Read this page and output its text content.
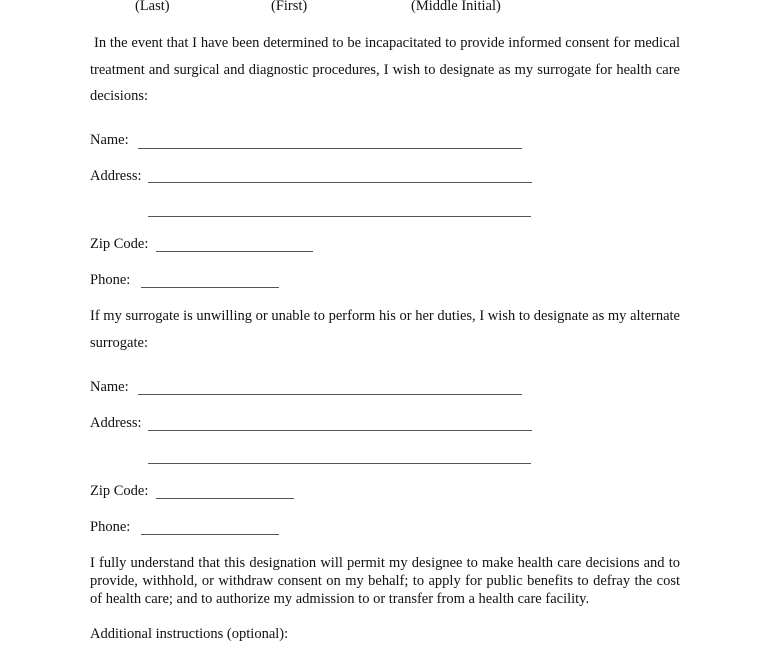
(Last)	(First)	(Middle Initial)
In the event that I have been determined to be incapacitated to provide informed consent for medical treatment and surgical and diagnostic procedures, I wish to designate as my surrogate for health care decisions:
Name:
Address:
Zip Code:
Phone:
If my surrogate is unwilling or unable to perform his or her duties, I wish to designate as my alternate surrogate:
Name:
Address:
Zip Code:
Phone:
I fully understand that this designation will permit my designee to make health care decisions and to provide, withhold, or withdraw consent on my behalf; to apply for public benefits to defray the cost of health care; and to authorize my admission to or transfer from a health care facility.
Additional instructions (optional):
